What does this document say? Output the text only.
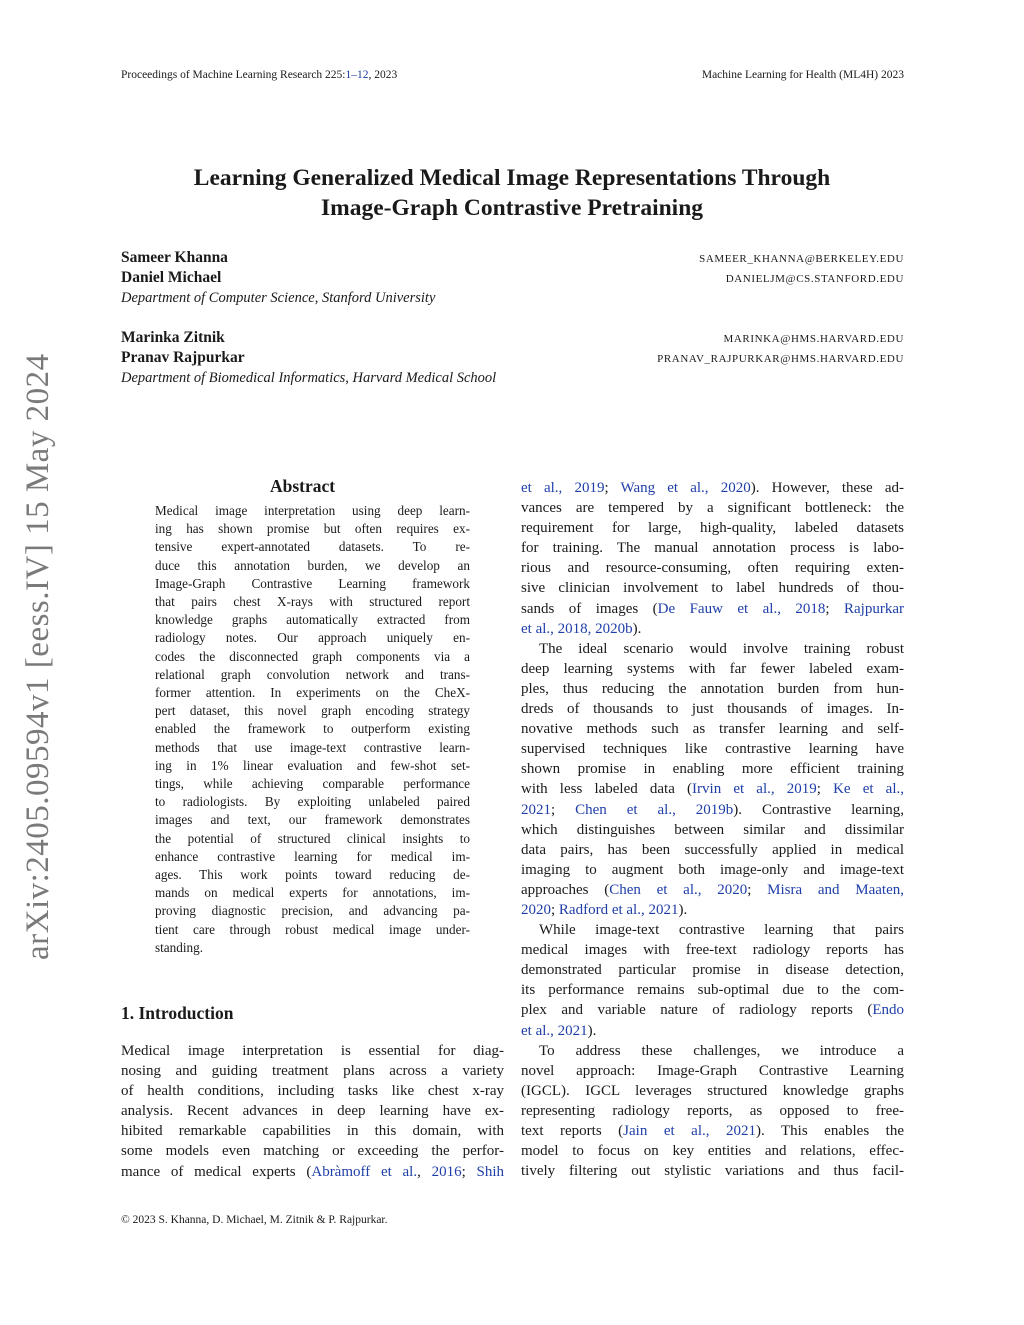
Proceedings of Machine Learning Research 225:1–12, 2023	Machine Learning for Health (ML4H) 2023
arXiv:2405.09594v1 [eess.IV] 15 May 2024
Learning Generalized Medical Image Representations Through
Image-Graph Contrastive Pretraining
Sameer Khanna	SAMEER_KHANNA@BERKELEY.EDU
Daniel Michael	DANIELJM@CS.STANFORD.EDU
Department of Computer Science, Stanford University
Marinka Zitnik	MARINKA@HMS.HARVARD.EDU
Pranav Rajpurkar	PRANAV_RAJPURKAR@HMS.HARVARD.EDU
Department of Biomedical Informatics, Harvard Medical School
Abstract
Medical image interpretation using deep learn-
ing has shown promise but often requires ex-
tensive expert-annotated datasets. To re-
duce this annotation burden, we develop an
Image-Graph Contrastive Learning framework
that pairs chest X-rays with structured report
knowledge graphs automatically extracted from
radiology notes. Our approach uniquely en-
codes the disconnected graph components via a
relational graph convolution network and trans-
former attention. In experiments on the CheX-
pert dataset, this novel graph encoding strategy
enabled the framework to outperform existing
methods that use image-text contrastive learn-
ing in 1% linear evaluation and few-shot set-
tings, while achieving comparable performance
to radiologists. By exploiting unlabeled paired
images and text, our framework demonstrates
the potential of structured clinical insights to
enhance contrastive learning for medical im-
ages. This work points toward reducing de-
mands on medical experts for annotations, im-
proving diagnostic precision, and advancing pa-
tient care through robust medical image under-
standing.
1. Introduction
Medical image interpretation is essential for diag-
nosing and guiding treatment plans across a variety
of health conditions, including tasks like chest x-ray
analysis. Recent advances in deep learning have ex-
hibited remarkable capabilities in this domain, with
some models even matching or exceeding the perfor-
mance of medical experts (Abràmoff et al., 2016; Shih
et al., 2019; Wang et al., 2020). However, these ad-
vances are tempered by a significant bottleneck: the
requirement for large, high-quality, labeled datasets
for training. The manual annotation process is labo-
rious and resource-consuming, often requiring exten-
sive clinician involvement to label hundreds of thou-
sands of images (De Fauw et al., 2018; Rajpurkar
et al., 2018, 2020b).
The ideal scenario would involve training robust
deep learning systems with far fewer labeled exam-
ples, thus reducing the annotation burden from hun-
dreds of thousands to just thousands of images. In-
novative methods such as transfer learning and self-
supervised techniques like contrastive learning have
shown promise in enabling more efficient training
with less labeled data (Irvin et al., 2019; Ke et al.,
2021; Chen et al., 2019b). Contrastive learning,
which distinguishes between similar and dissimilar
data pairs, has been successfully applied in medical
imaging to augment both image-only and image-text
approaches (Chen et al., 2020; Misra and Maaten,
2020; Radford et al., 2021).
While image-text contrastive learning that pairs
medical images with free-text radiology reports has
demonstrated particular promise in disease detection,
its performance remains sub-optimal due to the com-
plex and variable nature of radiology reports (Endo
et al., 2021).
To address these challenges, we introduce a
novel approach: Image-Graph Contrastive Learning
(IGCL). IGCL leverages structured knowledge graphs
representing radiology reports, as opposed to free-
text reports (Jain et al., 2021). This enables the
model to focus on key entities and relations, effec-
tively filtering out stylistic variations and thus facil-
© 2023 S. Khanna, D. Michael, M. Zitnik & P. Rajpurkar.
